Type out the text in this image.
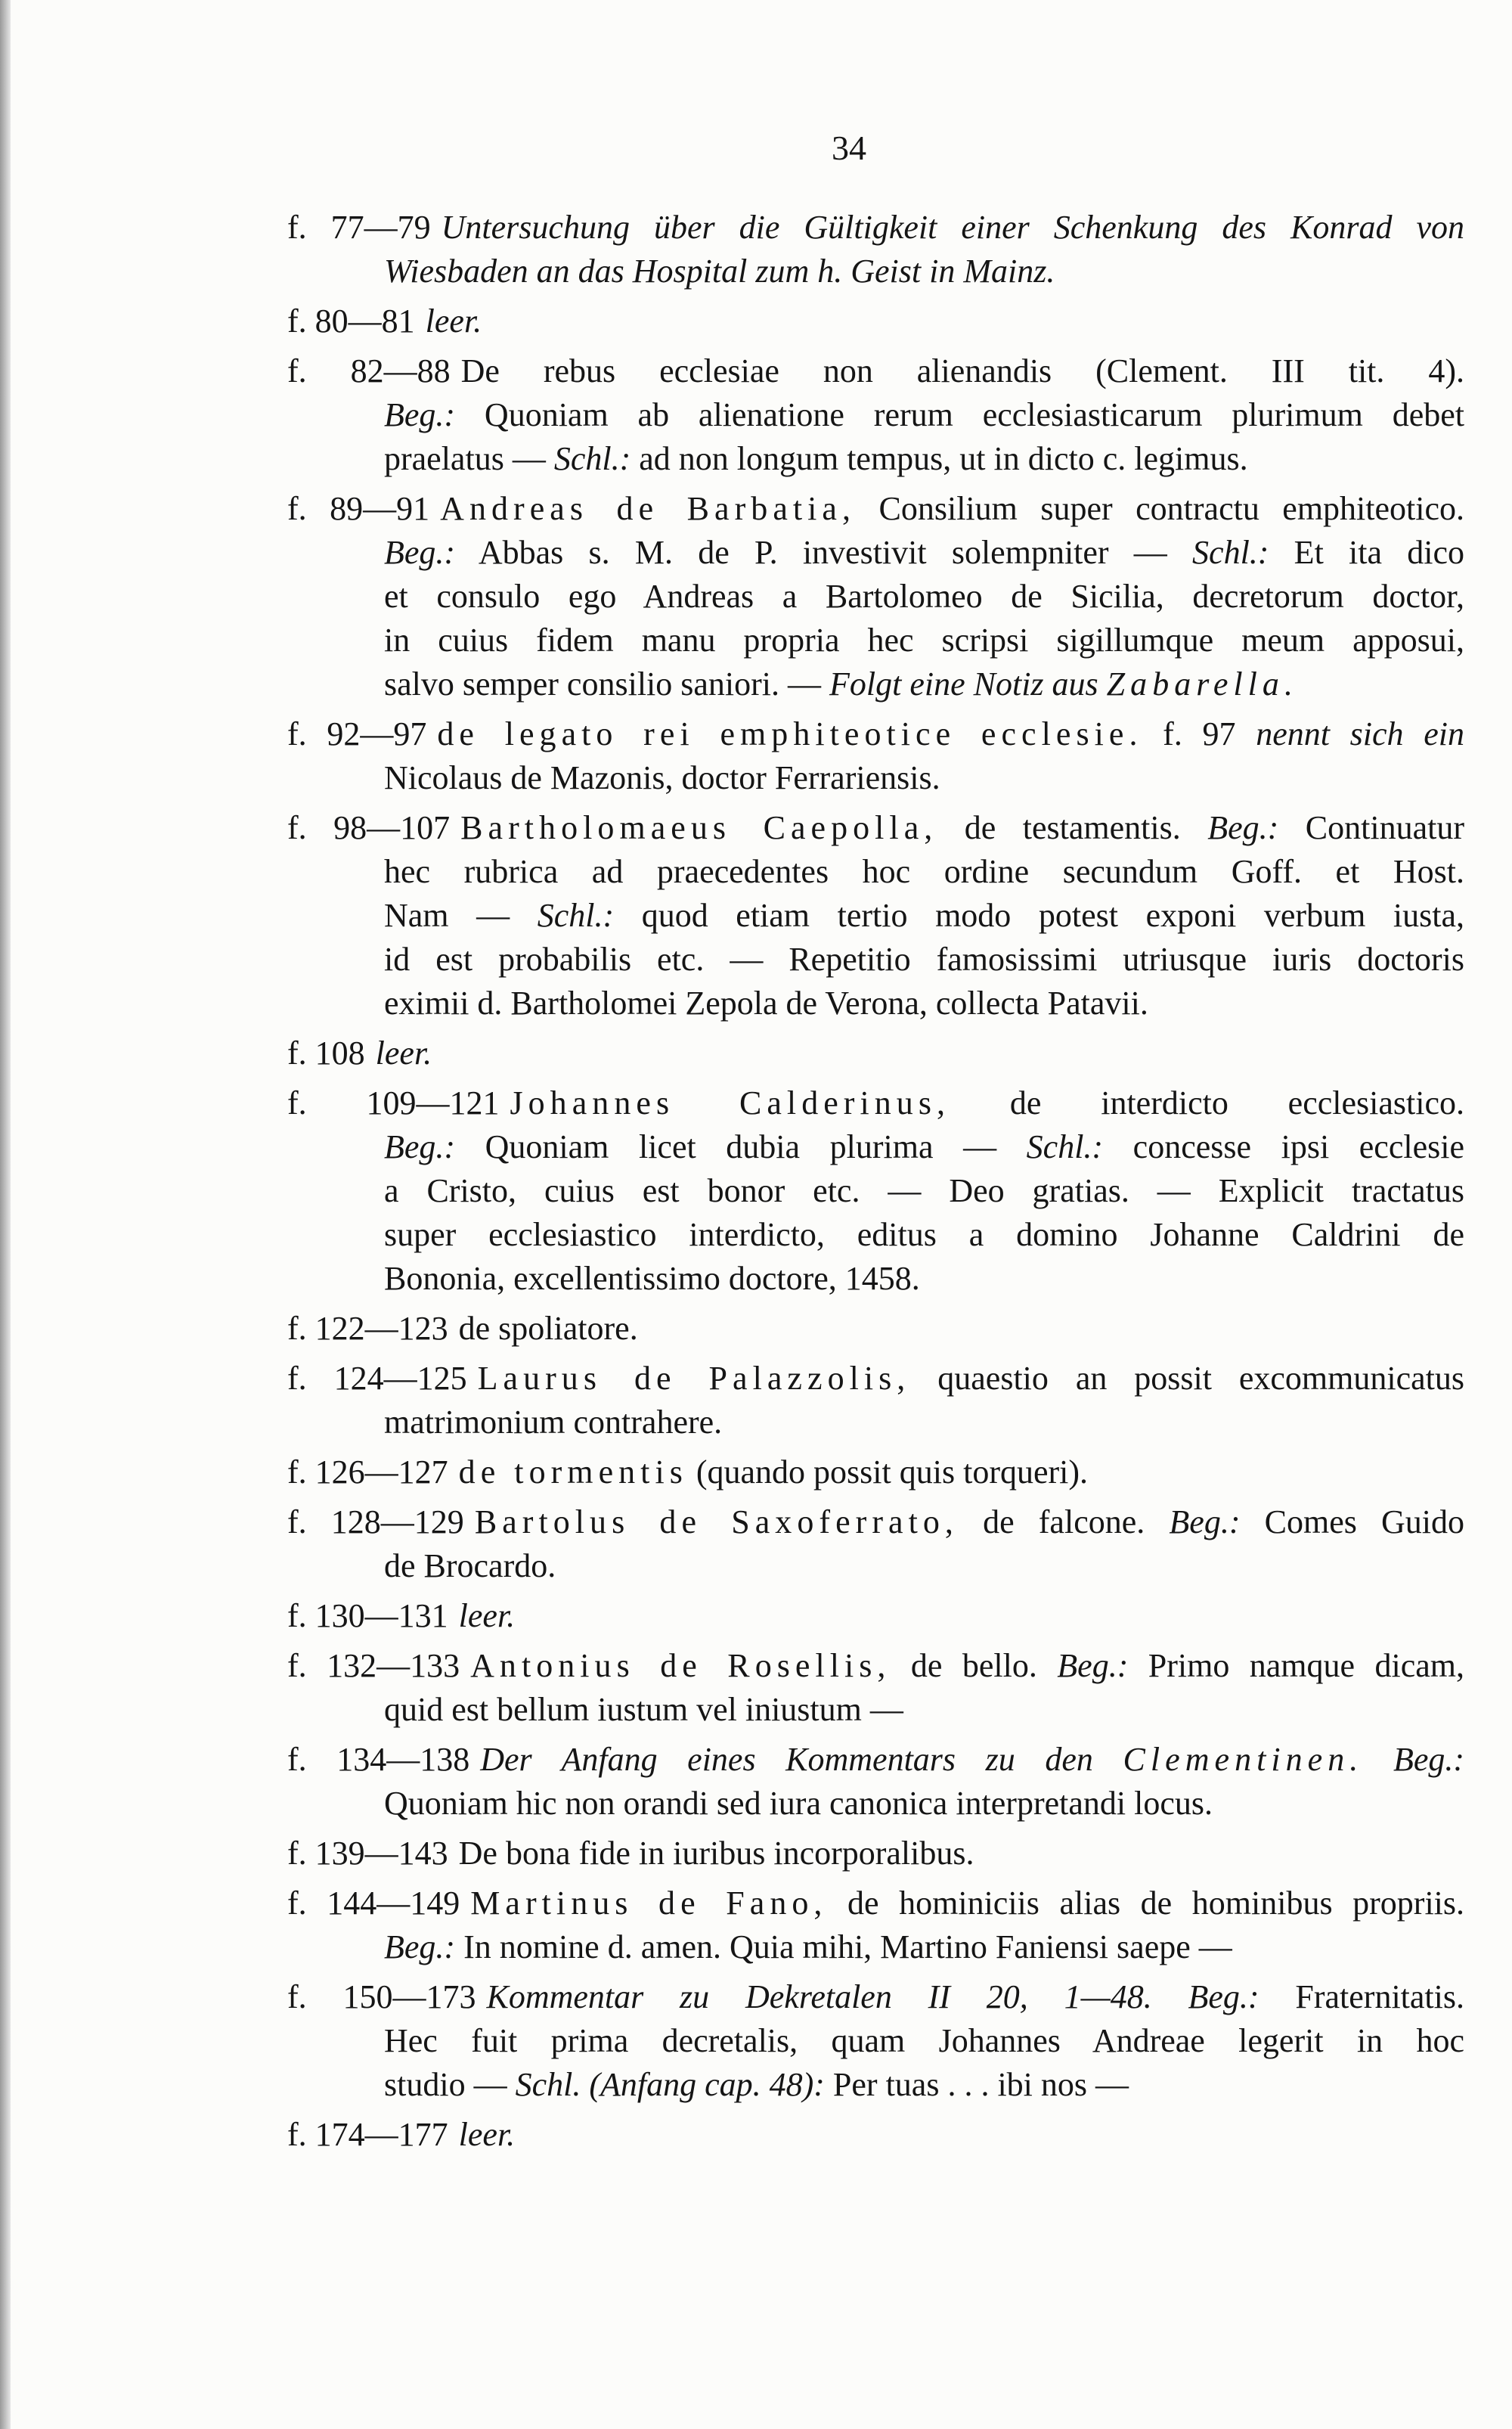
34
f. 77—79 Untersuchung über die Gültigkeit einer Schenkung des Konrad von
Wiesbaden an das Hospital zum h. Geist in Mainz.
f. 80—81 leer.
f. 82—88 De rebus ecclesiae non alienandis (Clement. III tit. 4).
Beg.: Quoniam ab alienatione rerum ecclesiasticarum plurimum debet
praelatus — Schl.: ad non longum tempus, ut in dicto c. legimus.
f. 89—91 Andreas de Barbatia, Consilium super contractu emphiteotico.
Beg.: Abbas s. M. de P. investivit solempniter — Schl.: Et ita dico
et consulo ego Andreas a Bartolomeo de Sicilia, decretorum doctor,
in cuius fidem manu propria hec scripsi sigillumque meum apposui,
salvo semper consilio saniori. — Folgt eine Notiz aus Zabarella.
f. 92—97 de legato rei emphiteotice ecclesie. f. 97 nennt sich ein
Nicolaus de Mazonis, doctor Ferrariensis.
f. 98—107 Bartholomaeus Caepolla, de testamentis. Beg.: Continuatur
hec rubrica ad praecedentes hoc ordine secundum Goff. et Host.
Nam — Schl.: quod etiam tertio modo potest exponi verbum iusta,
id est probabilis etc. — Repetitio famosissimi utriusque iuris doctoris
eximii d. Bartholomei Zepola de Verona, collecta Patavii.
f. 108 leer.
f. 109—121 Johannes Calderinus, de interdicto ecclesiastico.
Beg.: Quoniam licet dubia plurima — Schl.: concesse ipsi ecclesie
a Cristo, cuius est bonor etc. — Deo gratias. — Explicit tractatus
super ecclesiastico interdicto, editus a domino Johanne Caldrini de
Bononia, excellentissimo doctore, 1458.
f. 122—123 de spoliatore.
f. 124—125 Laurus de Palazzolis, quaestio an possit excommunicatus
matrimonium contrahere.
f. 126—127 de tormentis (quando possit quis torqueri).
f. 128—129 Bartolus de Saxoferrato, de falcone. Beg.: Comes Guido
de Brocardo.
f. 130—131 leer.
f. 132—133 Antonius de Rosellis, de bello. Beg.: Primo namque dicam,
quid est bellum iustum vel iniustum —
f. 134—138 Der Anfang eines Kommentars zu den Clementinen. Beg.:
Quoniam hic non orandi sed iura canonica interpretandi locus.
f. 139—143 De bona fide in iuribus incorporalibus.
f. 144—149 Martinus de Fano, de hominiciis alias de hominibus propriis.
Beg.: In nomine d. amen. Quia mihi, Martino Faniensi saepe —
f. 150—173 Kommentar zu Dekretalen II 20, 1—48. Beg.: Fraternitatis.
Hec fuit prima decretalis, quam Johannes Andreae legerit in hoc
studio — Schl. (Anfang cap. 48): Per tuas . . . ibi nos —
f. 174—177 leer.
